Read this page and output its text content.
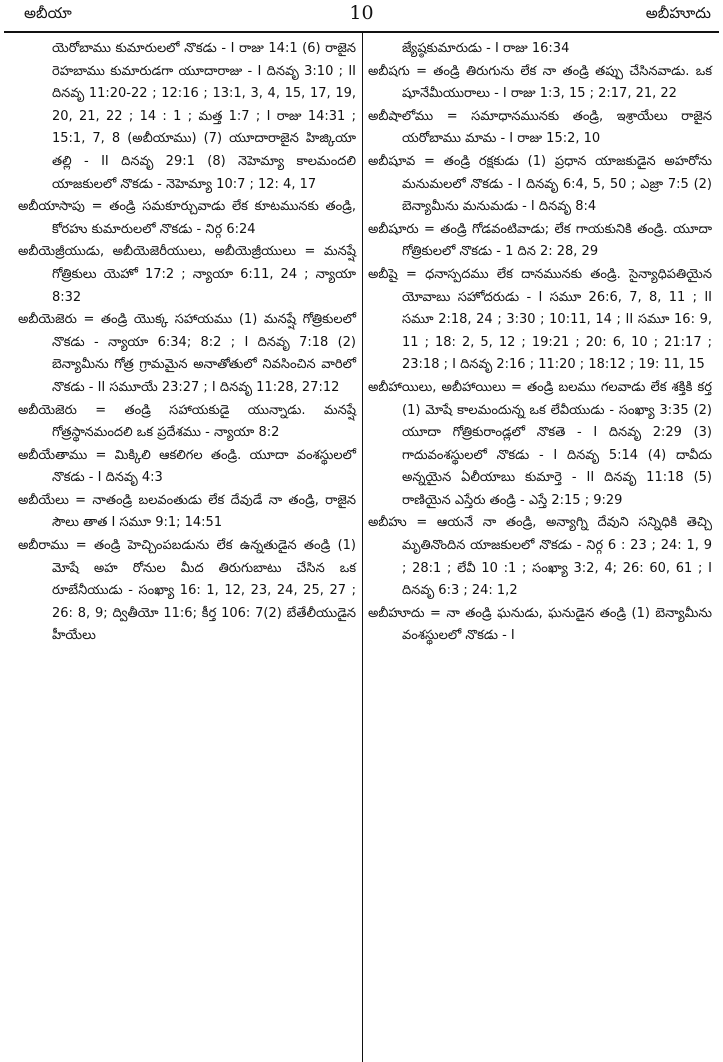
అబీయా	10	అబీహూదు

యెరోబాము కుమారులలో నొకడు - I రాజు 14:1 (6) రాజైన రెహబాము కుమారుడగా యూదారాజు - I దినవృ 3:10 ; II దినవృ 11:20-22 ; 12:16 ; 13:1, 3, 4, 15, 17, 19, 20, 21, 22 ; 14 : 1 ; మత్త 1:7 ; I రాజు 14:31 ; 15:1, 7, 8 (అబీయాము) (7) యూదారాజైన హిజ్కియా తల్లి - II దినవృ 29:1 (8) నెహెమ్యా కాలమందలి యాజకులలో నొకడు - నెహెమ్యా 10:7 ; 12: 4, 17

అబీయాసాపు = తండ్రి సమకూర్చువాడు లేక కూటమునకు తండ్రి, కోరహు కుమారులలో నొకడు - నిర్గ 6:24

అబీయెజ్రీయుడు, అబీయెజెరీయులు, అబీయెజ్రీయులు = మనష్షే గోత్రికులు యెహో 17:2 ; న్యాయా 6:11, 24 ; న్యాయా 8:32

అబీయెజెరు = తండ్రి యొక్క సహాయము (1) మనష్షే గోత్రికులలో నొకడు - న్యాయా 6:34; 8:2 ; I దినవృ 7:18 (2) బెన్యామీను గోత్ర గ్రామమైన అనాతోతులో నివసించిన వారిలో నొకడు - II సమూయే 23:27 ; I దినవృ 11:28, 27:12

అబీయెజెరు = తండ్రి సహాయకుడై యున్నాడు. మనష్షే గోత్రస్థానమందలి ఒక ప్రదేశము - న్యాయా 8:2

అబీయేతాము = మిక్కిలి ఆకలిగల తండ్రి. యూదా వంశస్థులలో నొకడు - I దినవృ 4:3

అబీయేలు = నాతండ్రి బలవంతుడు లేక దేవుడే నా తండ్రి, రాజైన సౌలు తాత I సమూ 9:1; 14:51

అబీరాము = తండ్రి హెచ్చింపబడును లేక ఉన్నతుడైన తండ్రి (1) మోషే అహ రోనుల మీద తిరుగుబాటు చేసిన ఒక రూబేనీయుడు - సంఖ్యా 16: 1, 12, 23, 24, 25, 27 ; 26: 8, 9; ద్వితీయో 11:6; కీర్త 106: 7(2) బేతేలీయుడైన హీయేలు

జ్యేష్ఠకుమారుడు - I రాజు 16:34

అబీషగు = తండ్రి తిరుగును లేక నా తండ్రి తప్పు చేసినవాడు. ఒక షూనేమీయురాలు - I రాజు 1:3, 15 ; 2:17, 21, 22

అబీషాలోము = సమాధానమునకు తండ్రి, ఇశ్రాయేలు రాజైన యరోబాము మామ - I రాజు 15:2, 10

అబీషూవ = తండ్రి రక్షకుడు (1) ప్రధాన యాజకుడైన అహరోను మనుమలలో నొకడు - I దినవృ 6:4, 5, 50 ; ఎజ్రా 7:5 (2) బెన్యామీను మనుమడు - I దినవృ 8:4

అబీషూరు = తండ్రి గోడవంటివాడు; లేక గాయకునికి తండ్రి. యూదా గోత్రికులలో నొకడు - 1 దిన 2: 28, 29

అబీషై = ధనాస్పదము లేక దానమునకు తండ్రి. సైన్యాధిపతియైన యోవాబు సహోదరుడు - I సమూ 26:6, 7, 8, 11 ; II సమూ 2:18, 24 ; 3:30 ; 10:11, 14 ; II సమూ 16: 9, 11 ; 18: 2, 5, 12 ; 19:21 ; 20: 6, 10 ; 21:17 ; 23:18 ; I దినవృ 2:16 ; 11:20 ; 18:12 ; 19: 11, 15

అబీహాయిలు, అబీహాయిలు = తండ్రి బలము గలవాడు లేక శక్తికి కర్త (1) మోషే కాలమందున్న ఒక లేవీయుడు - సంఖ్యా 3:35 (2) యూదా గోత్రికురాండ్లలో నొకతె - I దినవృ 2:29 (3) గాదువంశస్థులలో నొకడు - I దినవృ 5:14 (4) దావీదు అన్నయైన ఏలీయాబు కుమార్తె - II దినవృ 11:18 (5) రాణియైన ఎస్తేరు తండ్రి - ఎస్తే 2:15 ; 9:29

అబీహు = ఆయనే నా తండ్రి, అన్యాగ్ని దేవుని సన్నిధికి తెచ్చి మృతినొందిన యాజకులలో నొకడు - నిర్గ 6 : 23 ; 24: 1, 9 ; 28:1 ; లేవీ 10 :1 ; సంఖ్యా 3:2, 4; 26: 60, 61 ; I దినవృ 6:3 ; 24: 1,2

అబీహూదు = నా తండ్రి ఘనుడు, ఘనుడైన తండ్రి (1) బెన్యామీను వంశస్థులలో నొకడు - I
